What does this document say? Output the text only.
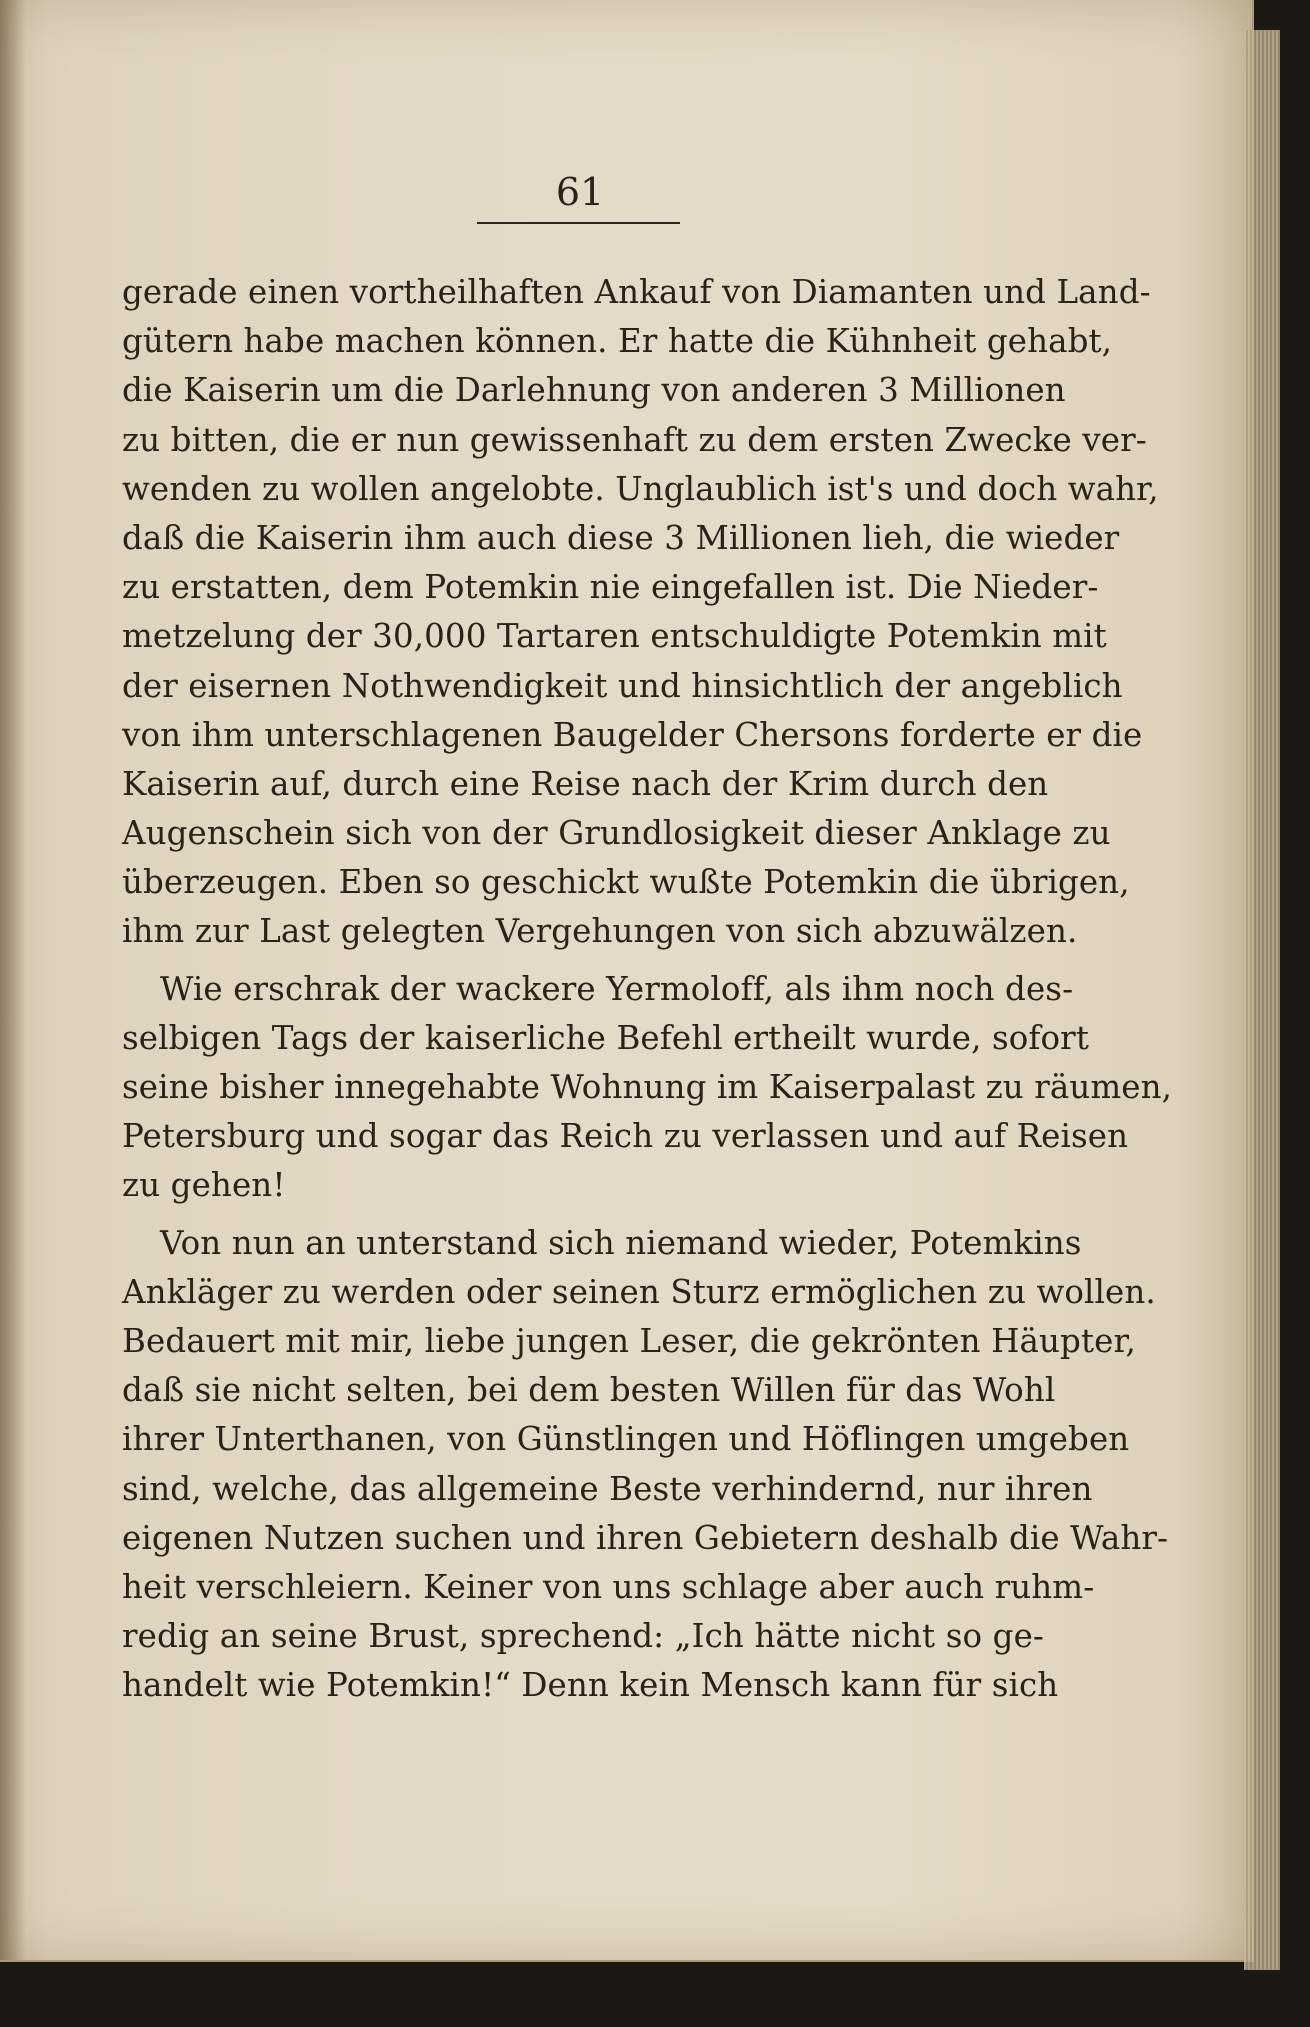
61
gerade einen vortheilhaften Ankauf von Diamanten und Land-
gütern habe machen können. Er hatte die Kühnheit gehabt,
die Kaiserin um die Darlehnung von anderen 3 Millionen
zu bitten, die er nun gewissenhaft zu dem ersten Zwecke ver-
wenden zu wollen angelobte. Unglaublich ist's und doch wahr,
daß die Kaiserin ihm auch diese 3 Millionen lieh, die wieder
zu erstatten, dem Potemkin nie eingefallen ist. Die Nieder-
metzelung der 30,000 Tartaren entschuldigte Potemkin mit
der eisernen Nothwendigkeit und hinsichtlich der angeblich
von ihm unterschlagenen Baugelder Chersons forderte er die
Kaiserin auf, durch eine Reise nach der Krim durch den
Augenschein sich von der Grundlosigkeit dieser Anklage zu
überzeugen. Eben so geschickt wußte Potemkin die übrigen,
ihm zur Last gelegten Vergehungen von sich abzuwälzen.
Wie erschrak der wackere Yermoloff, als ihm noch des-
selbigen Tags der kaiserliche Befehl ertheilt wurde, sofort
seine bisher innegehabte Wohnung im Kaiserpalast zu räumen,
Petersburg und sogar das Reich zu verlassen und auf Reisen
zu gehen!
Von nun an unterstand sich niemand wieder, Potemkins
Ankläger zu werden oder seinen Sturz ermöglichen zu wollen.
Bedauert mit mir, liebe jungen Leser, die gekrönten Häupter,
daß sie nicht selten, bei dem besten Willen für das Wohl
ihrer Unterthanen, von Günstlingen und Höflingen umgeben
sind, welche, das allgemeine Beste verhindernd, nur ihren
eigenen Nutzen suchen und ihren Gebietern deshalb die Wahr-
heit verschleiern. Keiner von uns schlage aber auch ruhm-
redig an seine Brust, sprechend: „Ich hätte nicht so ge-
handelt wie Potemkin!“ Denn kein Mensch kann für sich
